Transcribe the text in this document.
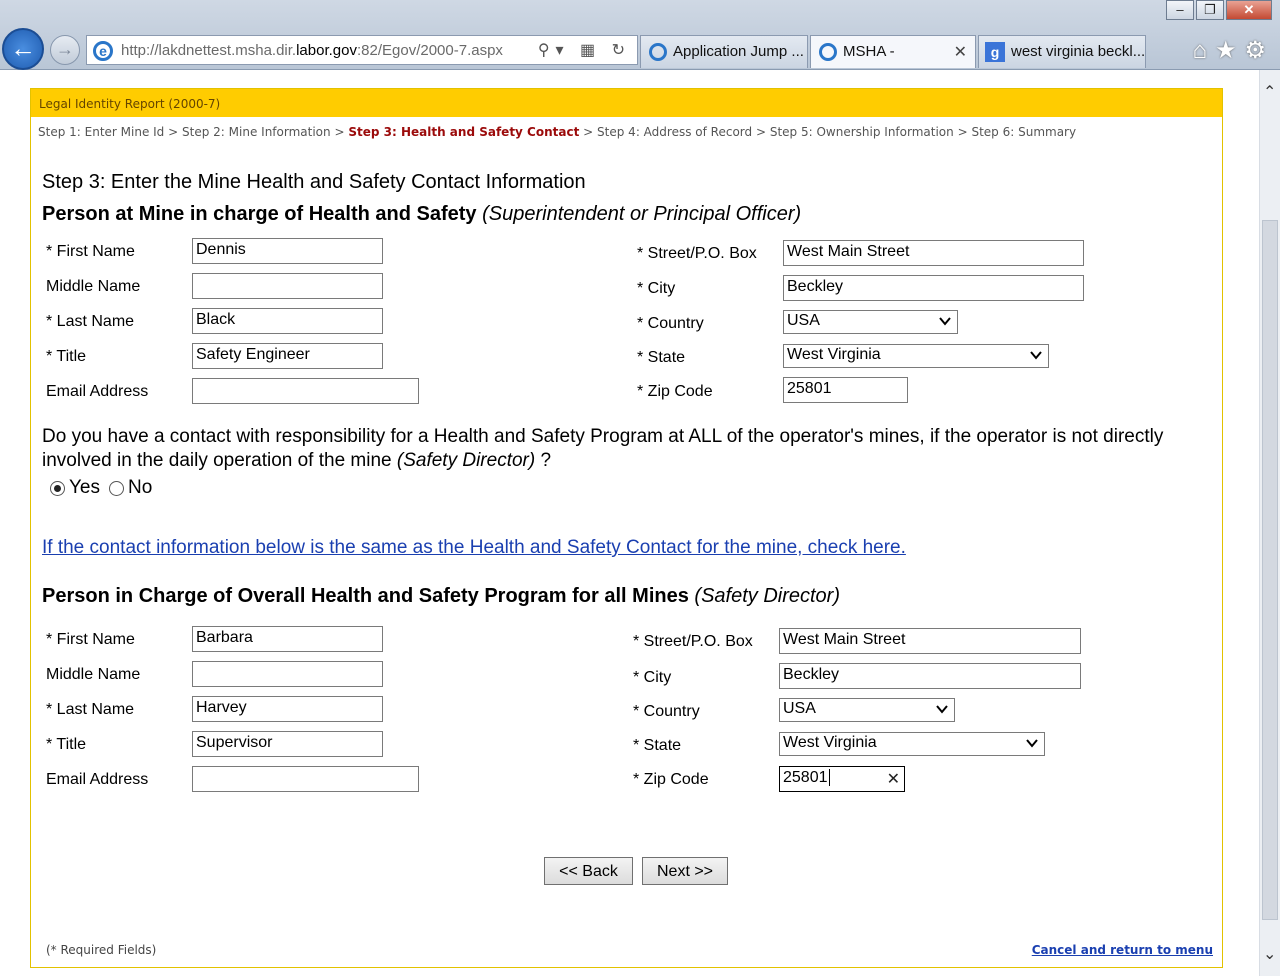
–	❐	✕
←	→	e http://lakdnettest.msha.dir.labor.gov:82/Egov/2000-7.aspx ⚲▾ ▦ ↻	Application Jump ...	MSHA -	✕	g west virginia beckl... ⌂★⚙
⌃
⌄
Legal Identity Report (2000-7)
Step 1: Enter Mine Id > Step 2: Mine Information > Step 3: Health and Safety Contact > Step 4: Address of Record > Step 5: Ownership Information > Step 6: Summary
Step 3: Enter the Mine Health and Safety Contact Information
Person at Mine in charge of Health and Safety (Superintendent or Principal Officer)
* First Name	Dennis
Middle Name
* Last Name	Black
* Title	Safety Engineer
Email Address
* Street/P.O. Box West Main Street
* City	Beckley
* Country	USA
* State	West Virginia
* Zip Code	25801
Do you have a contact with responsibility for a Health and Safety Program at ALL of the operator's mines, if the operator is not directly involved in the daily operation of the mine (Safety Director) ?
Yes No
If the contact information below is the same as the Health and Safety Contact for the mine, check here.
Person in Charge of Overall Health and Safety Program for all Mines (Safety Director)
* First Name	Barbara
Middle Name
* Last Name	Harvey
* Title	Supervisor
Email Address
* Street/P.O. Box West Main Street
* City	Beckley
* Country	USA
* State	West Virginia
* Zip Code	25801	✕
<< Back	Next >>
(* Required Fields)	Cancel and return to menu
